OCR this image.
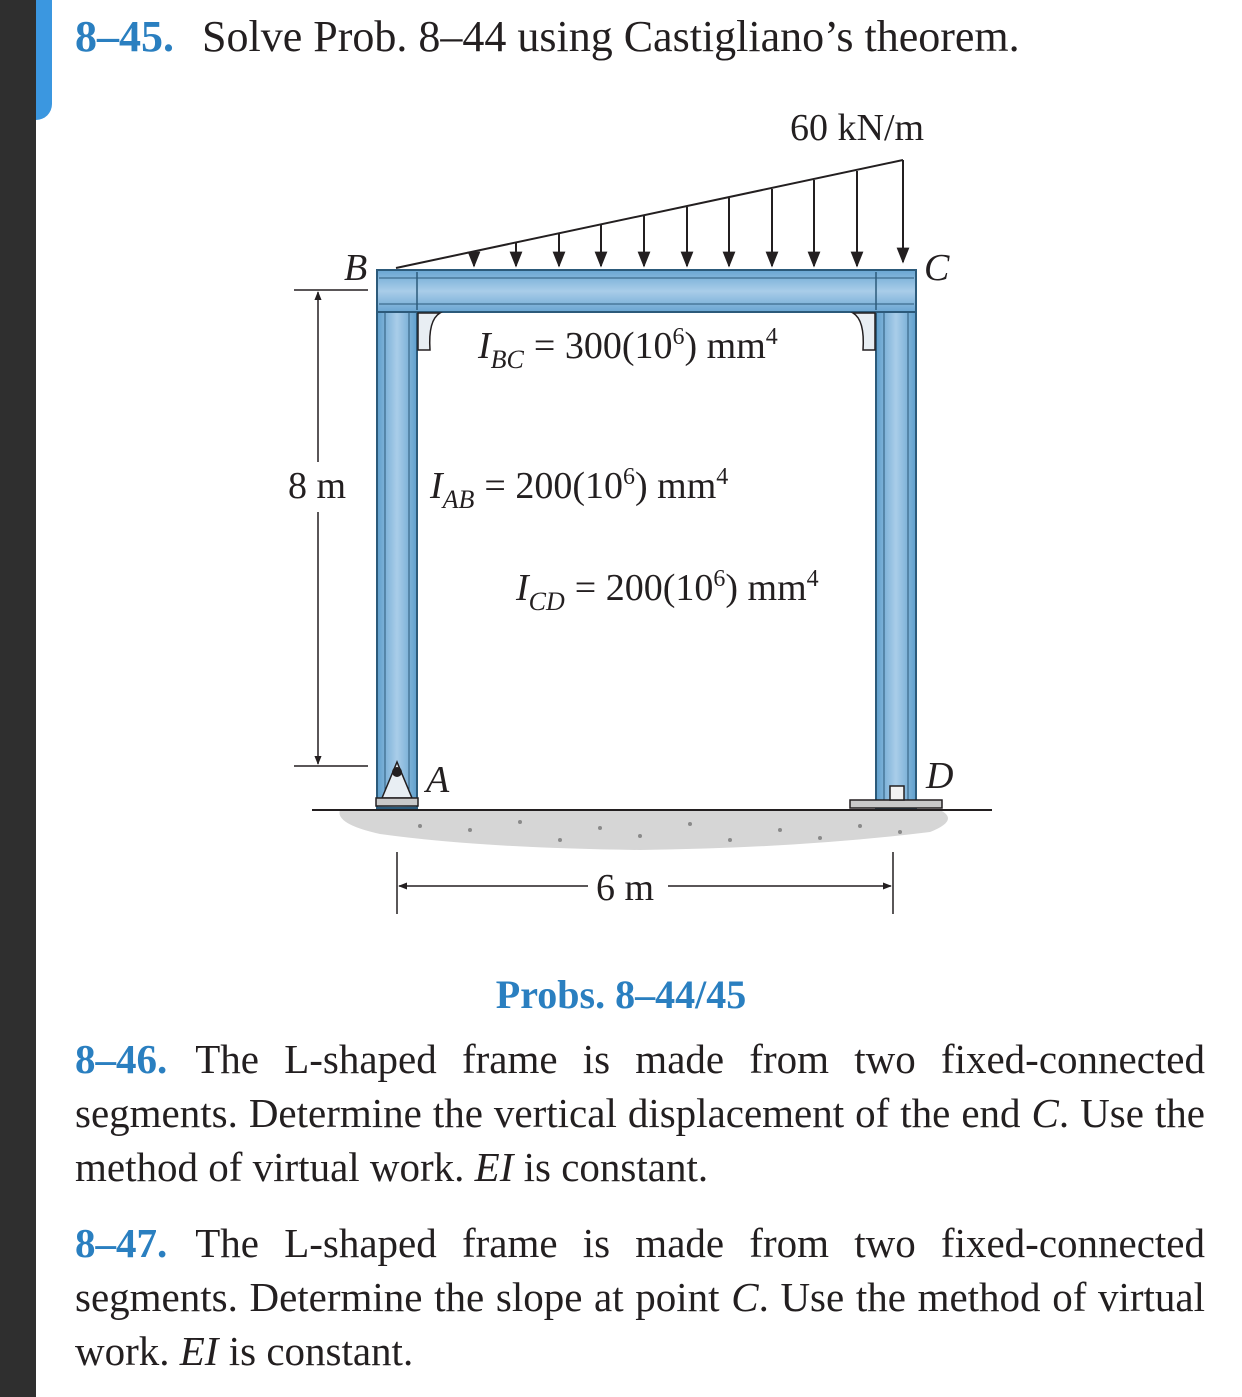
8–45. Solve Prob. 8–44 using Castigliano’s theorem.
60 kN/m
B	C
A	D
8 m
6 m
$I_{BC} = 300(10^6)$ $mm^4$
$I_{AB} = 200(10^6)$ $mm^4$
$I_{CD} = 200(10^6)$ $mm^4$
Probs. 8–44/45
8–46. The L-shaped frame is made from two fixed-connected segments. Determine the vertical displacement of the end C. Use the method of virtual work. EI is constant.
8–47. The L-shaped frame is made from two fixed-connected segments. Determine the slope at point C. Use the method of virtual work. EI is constant.
